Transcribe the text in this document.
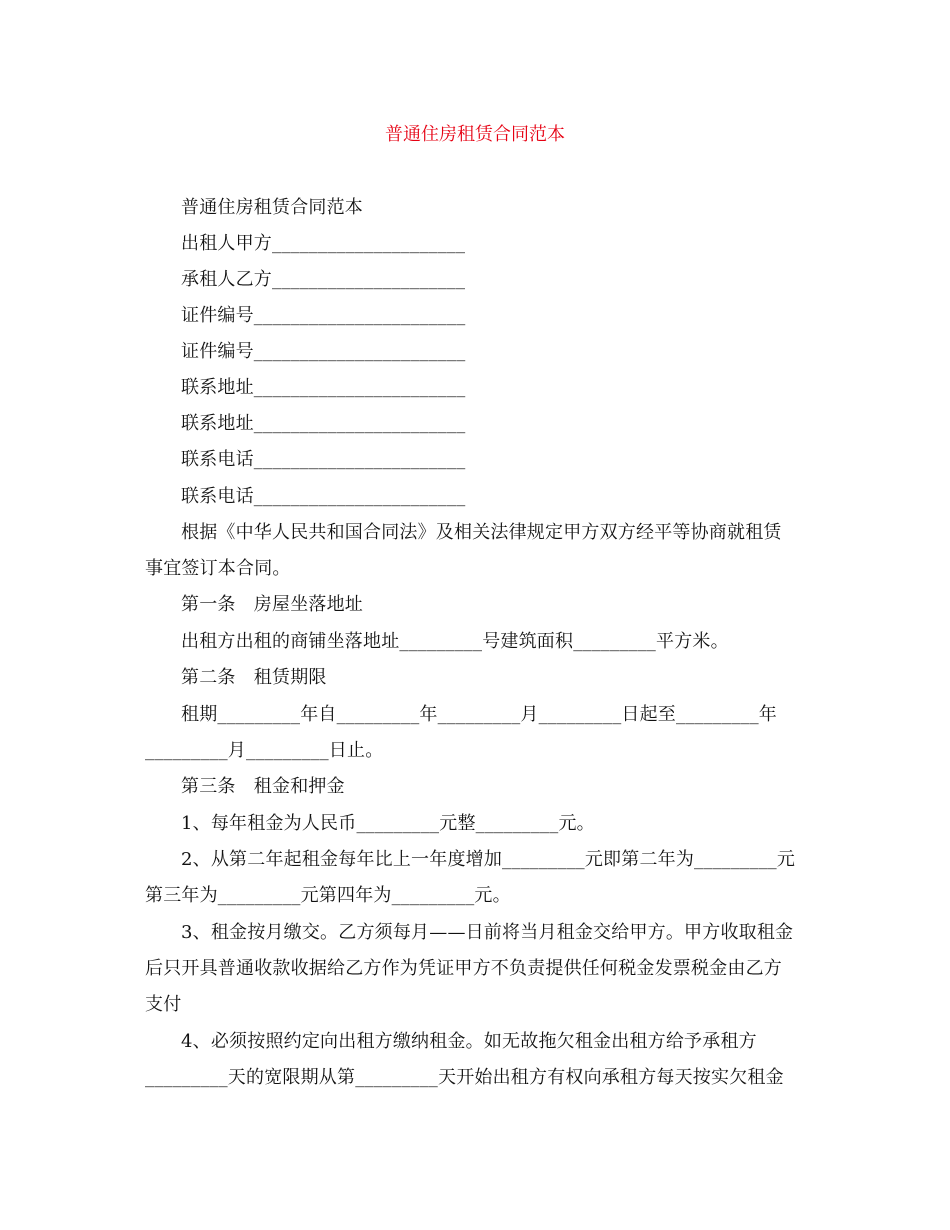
普通住房租赁合同范本
普通住房租赁合同范本
出租人甲方_____________________
承租人乙方_____________________
证件编号_______________________
证件编号_______________________
联系地址_______________________
联系地址_______________________
联系电话_______________________
联系电话_______________________
根据《中华人民共和国合同法》及相关法律规定甲方双方经平等协商就租赁
事宜签订本合同。
第一条　房屋坐落地址
出租方出租的商铺坐落地址_________号建筑面积_________平方米。
第二条　租赁期限
租期_________年自_________年_________月_________日起至_________年
_________月_________日止。
第三条　租金和押金
1、每年租金为人民币_________元整_________元。
2、从第二年起租金每年比上一年度增加_________元即第二年为_________元
第三年为_________元第四年为_________元。
3、租金按月缴交。乙方须每月——日前将当月租金交给甲方。甲方收取租金
后只开具普通收款收据给乙方作为凭证甲方不负责提供任何税金发票税金由乙方
支付
4、必须按照约定向出租方缴纳租金。如无故拖欠租金出租方给予承租方
_________天的宽限期从第_________天开始出租方有权向承租方每天按实欠租金
